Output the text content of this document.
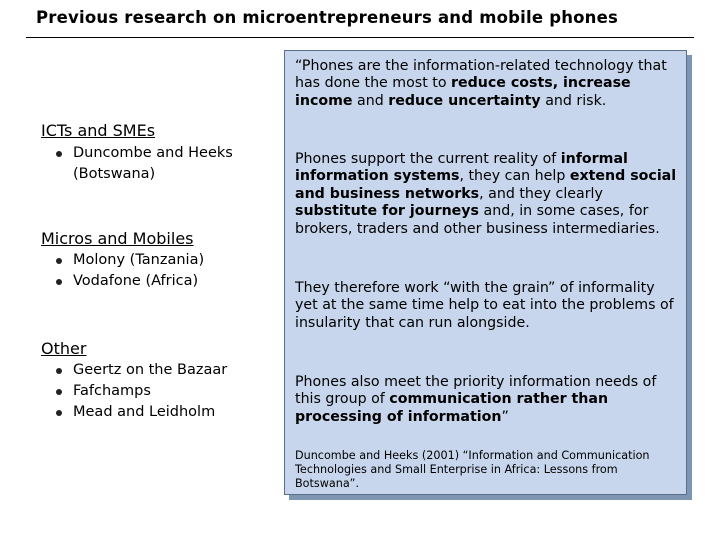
Previous research on microentrepreneurs and mobile phones
ICTs and SMEs
Duncombe and Heeks (Botswana)
Micros and Mobiles
Molony (Tanzania)
Vodafone (Africa)
Other
Geertz on the Bazaar
Fafchamps
Mead and Leidholm

“Phones are the information-related technology that has done the most to reduce costs, increase income and reduce uncertainty and risk.

Phones support the current reality of informal information systems, they can help extend social and business networks, and they clearly substitute for journeys and, in some cases, for brokers, traders and other business intermediaries.

They therefore work “with the grain” of informality yet at the same time help to eat into the problems of insularity that can run alongside.

Phones also meet the priority information needs of this group of communication rather than processing of information”

Duncombe and Heeks (2001) “Information and Communication Technologies and Small Enterprise in Africa: Lessons from Botswana”.
